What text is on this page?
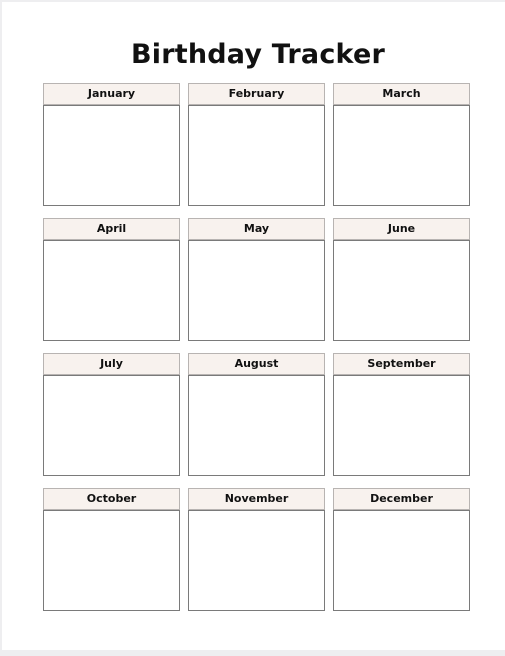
Birthday Tracker
January	February	March
April	May	June
July	August	September
October	November	December
